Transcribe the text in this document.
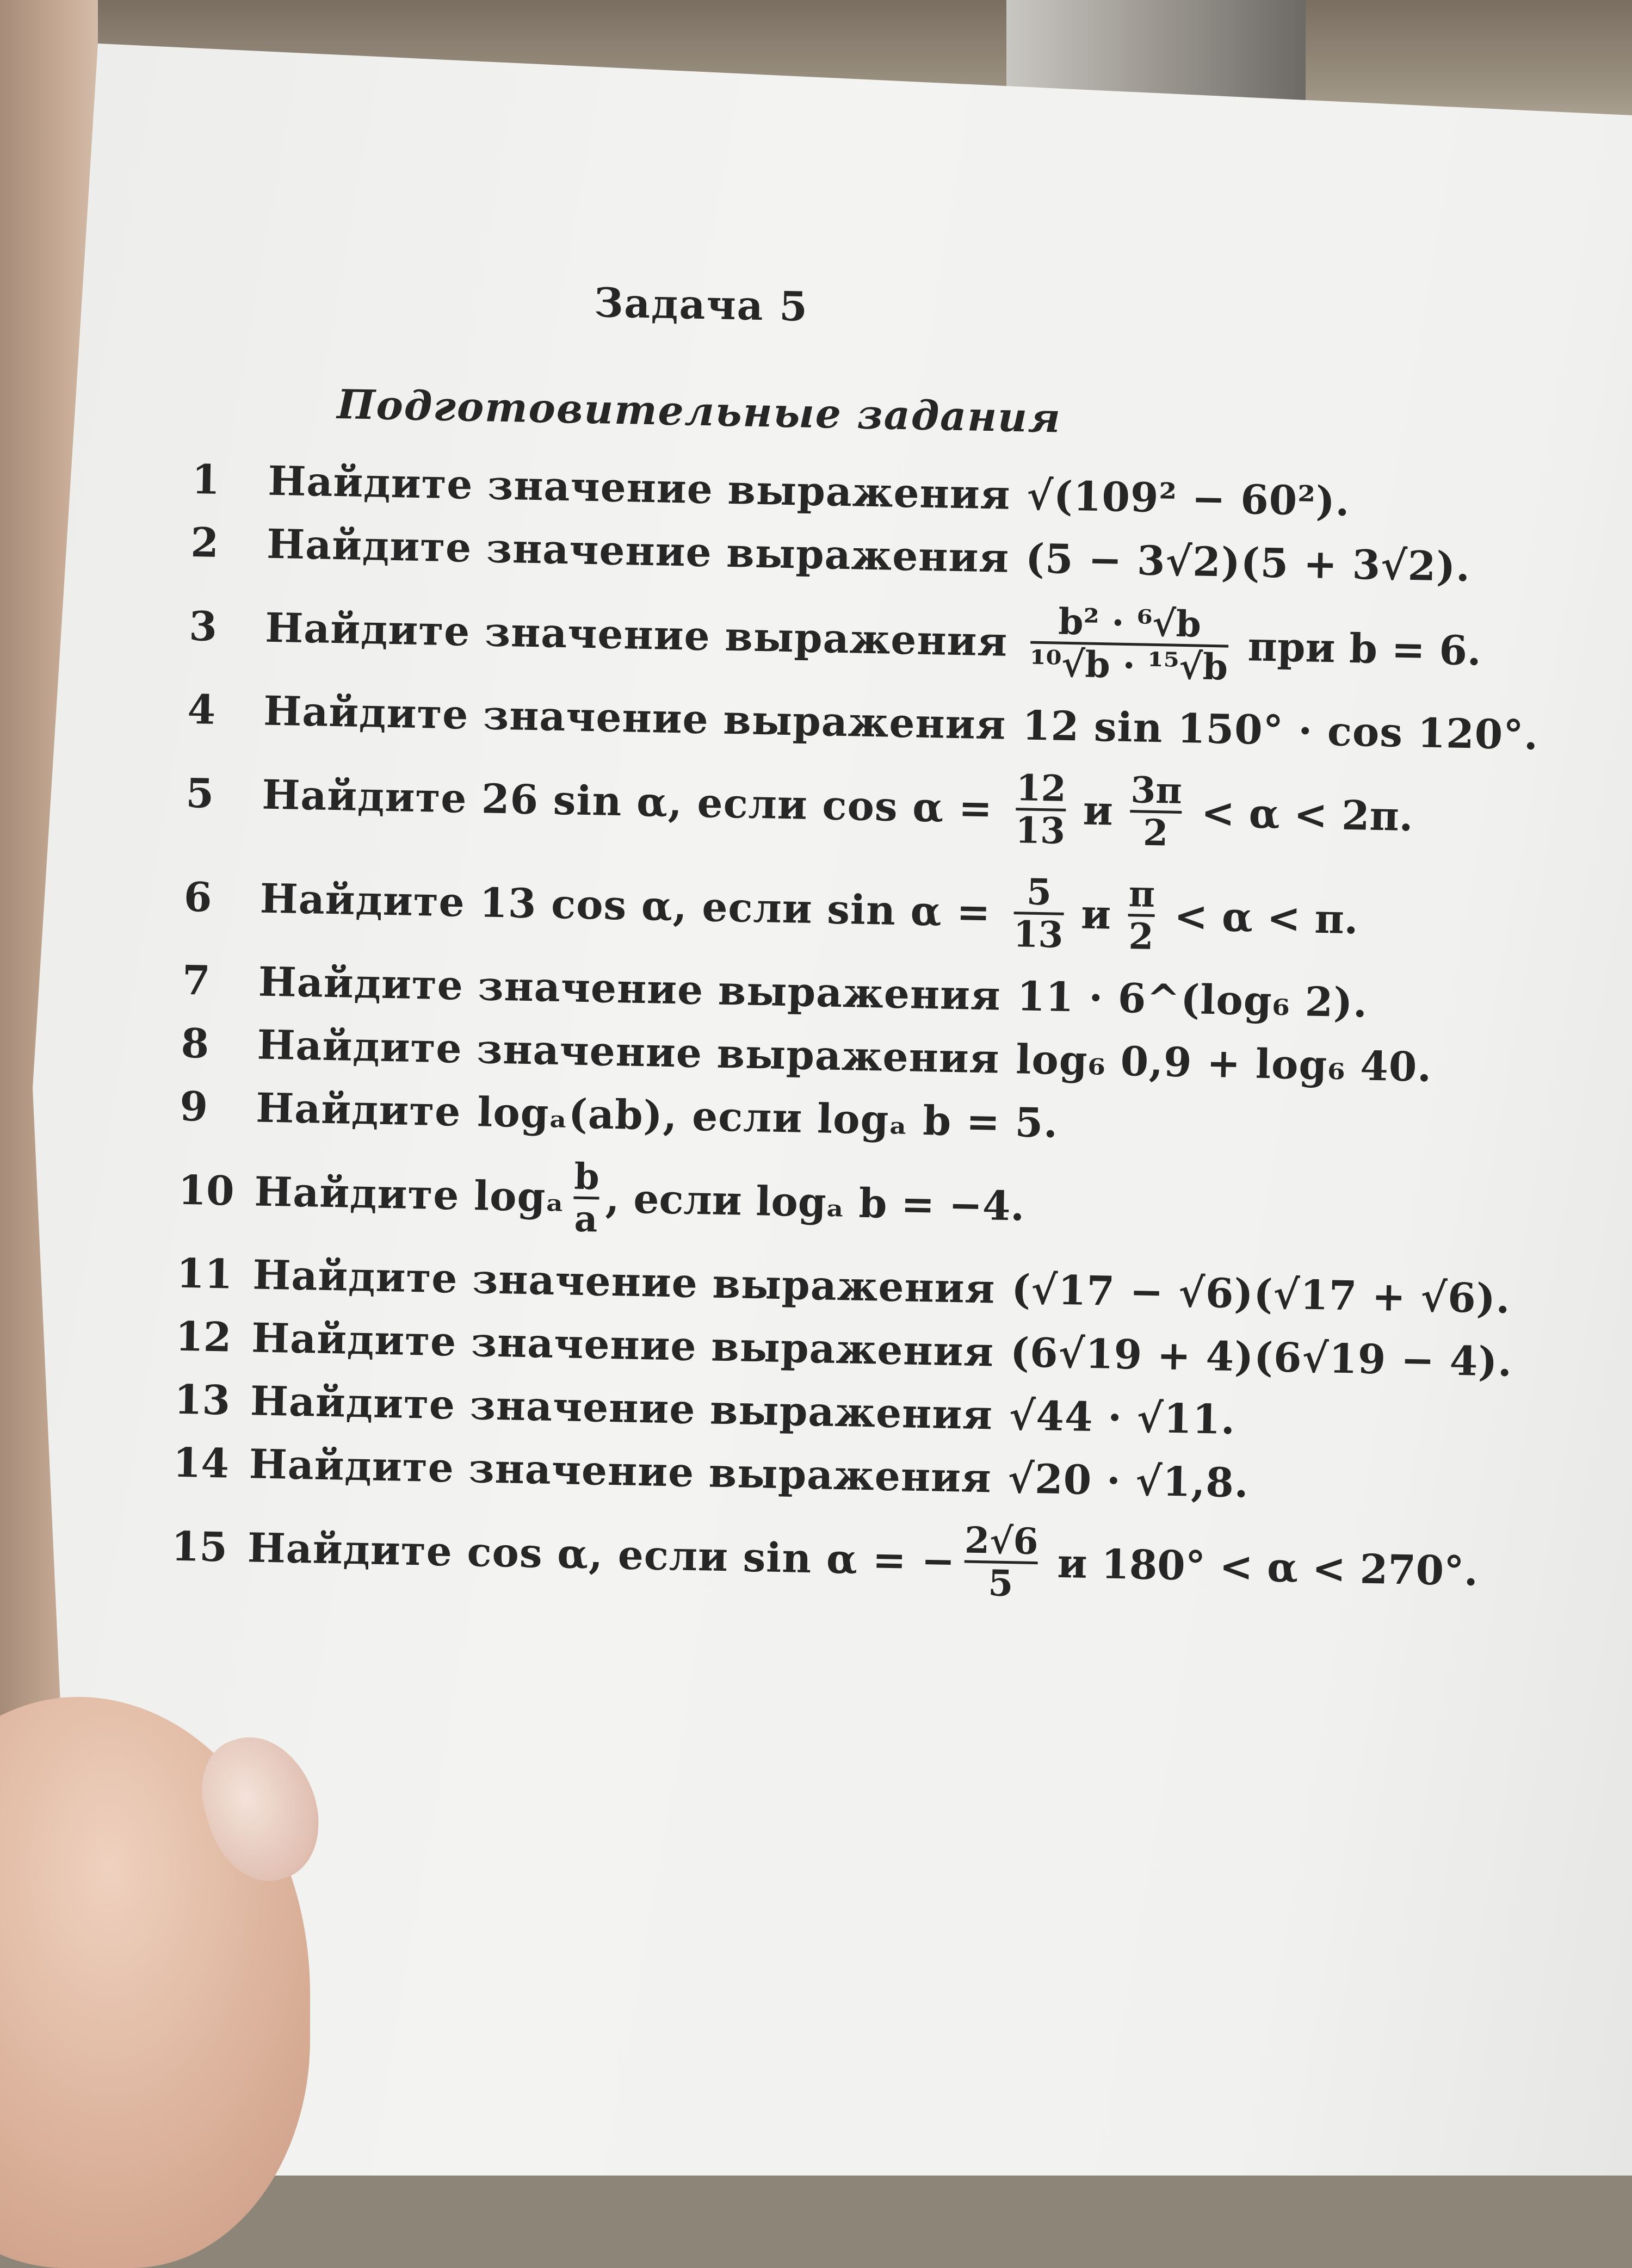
Задача 5
Подготовительные задания
1	Найдите значение выражения √(109² − 60²).
2	Найдите значение выражения (5 − 3√2)(5 + 3√2).
3	Найдите значение выражения b² · ⁶√b
¹⁰√b · ¹⁵√b при b = 6.
4	Найдите значение выражения 12 sin 150° · cos 120°.
5	Найдите 26 sin α, если cos α = 12
13 и 3π
2 < α < 2π.
6	Найдите 13 cos α, если sin α = 5
13 и π
2 < α < π.
7	Найдите значение выражения 11 · 6^(log₆ 2).
8	Найдите значение выражения log₆ 0,9 + log₆ 40.
9	Найдите logₐ(ab), если logₐ b = 5.
10 Найдите logₐ b
a , если logₐ b = −4.
11 Найдите значение выражения (√17 − √6)(√17 + √6).
12 Найдите значение выражения (6√19 + 4)(6√19 − 4).
13 Найдите значение выражения √44 · √11.
14 Найдите значение выражения √20 · √1,8.
15 Найдите cos α, если sin α = − 2√6
5 и 180° < α < 270°.
